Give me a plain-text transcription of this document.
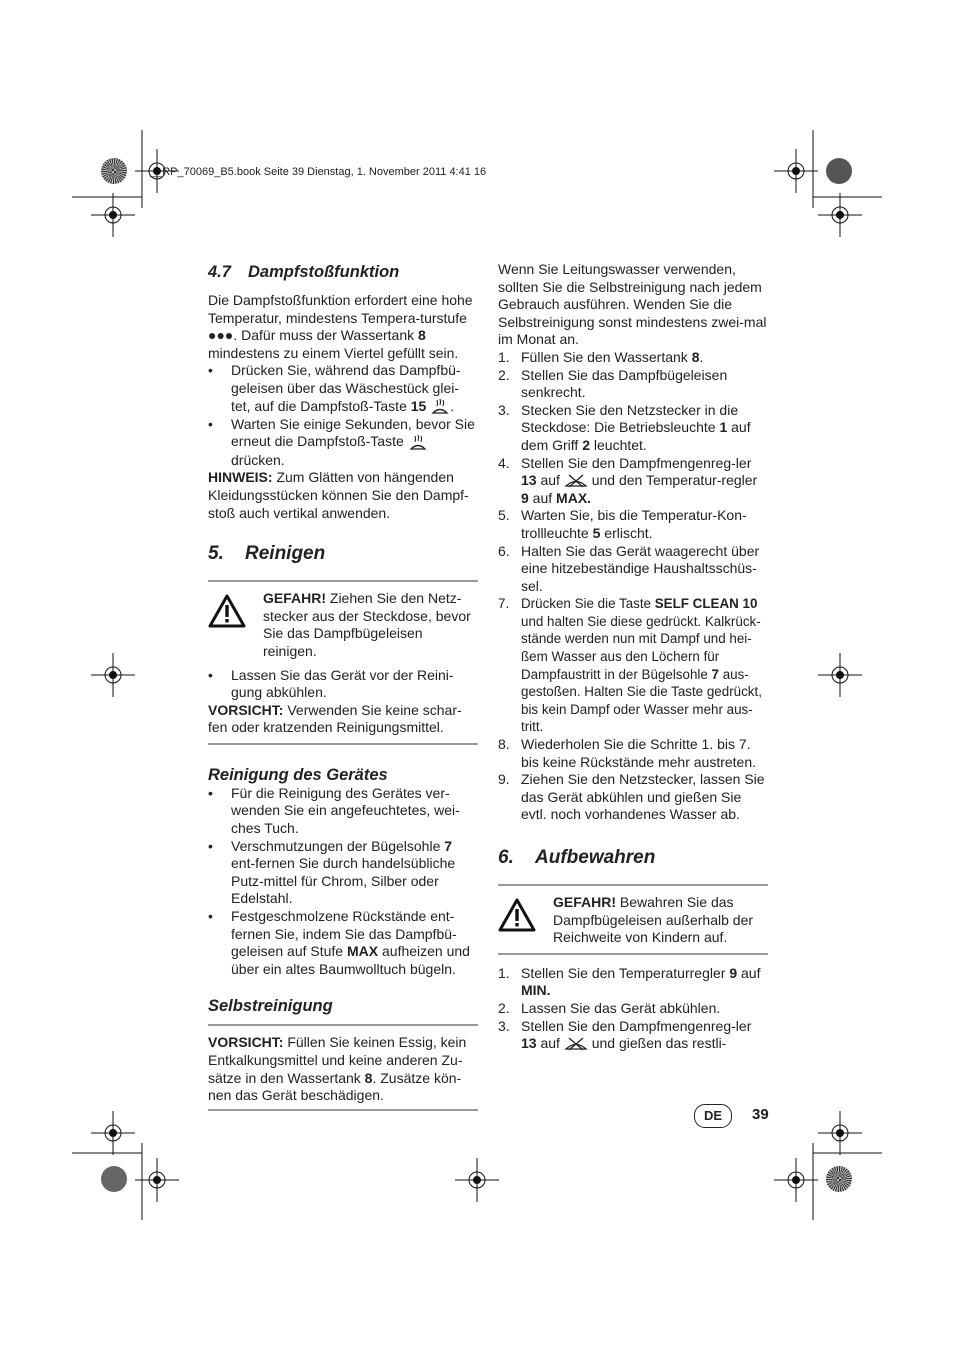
__RP_70069_B5.book Seite 39 Dienstag, 1. November 2011 4:41 16
4.7 Dampfstoßfunktion

Die Dampfstoßfunktion erfordert eine hohe Temperatur, mindestens Tempera-turstufe ●●●. Dafür muss der Wassertank 8 mindestens zu einem Viertel gefüllt sein.

• Drücken Sie, während das Dampfbü-geleisen über das Wäschestück glei-tet, auf die Dampfstoß-Taste 15 .
• Warten Sie einige Sekunden, bevor Sie erneut die Dampfstoß-Taste  drücken.

HINWEIS: Zum Glätten von hängenden Kleidungsstücken können Sie den Dampf-stoß auch vertikal anwenden.

5. Reinigen
GEFAHR! Ziehen Sie den Netz-stecker aus der Steckdose, bevor Sie das Dampfbügeleisen reinigen.
• Lassen Sie das Gerät vor der Reini-gung abkühlen.

VORSICHT: Verwenden Sie keine schar-fen oder kratzenden Reinigungsmittel.

Reinigung des Gerätes
• Für die Reinigung des Gerätes ver-wenden Sie ein angefeuchtetes, wei-ches Tuch.
• Verschmutzungen der Bügelsohle 7 ent-fernen Sie durch handelsübliche Putz-mittel für Chrom, Silber oder Edelstahl.
• Festgeschmolzene Rückstände ent-fernen Sie, indem Sie das Dampfbü-geleisen auf Stufe MAX aufheizen und über ein altes Baumwolltuch bügeln.
Selbstreinigung

VORSICHT: Füllen Sie keinen Essig, kein Entkalkungsmittel und keine anderen Zu-sätze in den Wassertank 8. Zusätze kön-nen das Gerät beschädigen.

Wenn Sie Leitungswasser verwenden, sollten Sie die Selbstreinigung nach jedem Gebrauch ausführen. Wenden Sie die Selbstreinigung sonst mindestens zwei-mal im Monat an.

1. Füllen Sie den Wassertank 8.
2. Stellen Sie das Dampfbügeleisen senkrecht.
3. Stecken Sie den Netzstecker in die Steckdose: Die Betriebsleuchte 1 auf dem Griff 2 leuchtet.
4. Stellen Sie den Dampfmengenreg-ler 13 auf  und den Temperatur-regler 9 auf MAX.
5. Warten Sie, bis die Temperatur-Kon-trollleuchte 5 erlischt.
6. Halten Sie das Gerät waagerecht über eine hitzebeständige Haushaltsschüs-sel.
7. Drücken Sie die Taste SELF CLEAN 10 und halten Sie diese gedrückt. Kalkrück-stände werden nun mit Dampf und hei-ßem Wasser aus den Löchern für Dampfaustritt in der Bügelsohle 7 aus-gestoßen. Halten Sie die Taste gedrückt, bis kein Dampf oder Wasser mehr aus-tritt.
8. Wiederholen Sie die Schritte 1. bis 7. bis keine Rückstände mehr austreten.
9. Ziehen Sie den Netzstecker, lassen Sie das Gerät abkühlen und gießen Sie evtl. noch vorhandenes Wasser ab.
6. Aufbewahren
GEFAHR! Bewahren Sie das Dampfbügeleisen außerhalb der Reichweite von Kindern auf.
1. Stellen Sie den Temperaturregler 9 auf MIN.
2. Lassen Sie das Gerät abkühlen.
3. Stellen Sie den Dampfmengenreg-ler 13 auf  und gießen das restli-
DE	39
